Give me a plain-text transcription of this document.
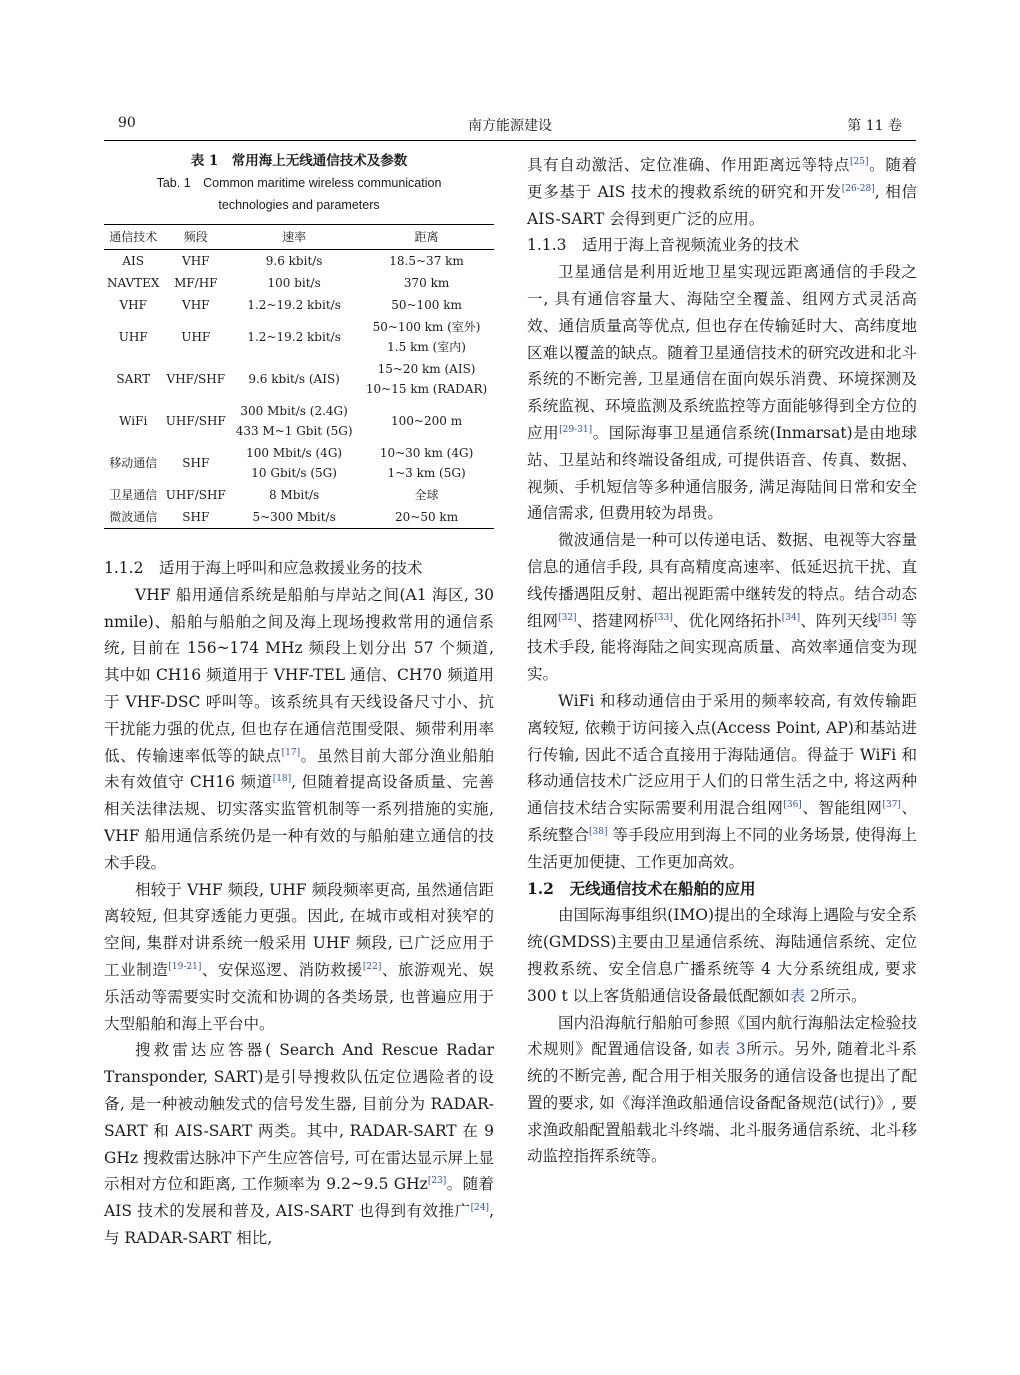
90	南方能源建设	第 11 卷
表 1　常用海上无线通信技术及参数
Tab. 1　Common maritime wireless communication
technologies and parameters
通信技术	频段	速率	距离
AIS	VHF	9.6 kbit/s	18.5~37 km
NAVTEX	MF/HF	100 bit/s	370 km
VHF	VHF	1.2~19.2 kbit/s	50~100 km
UHF	UHF	1.2~19.2 kbit/s	50~100 km (室外)
1.5 km (室内)
SART	VHF/SHF	9.6 kbit/s (AIS)	15~20 km (AIS)
10~15 km (RADAR)
WiFi	UHF/SHF	300 Mbit/s (2.4G)
433 M~1 Gbit (5G)	100~200 m
移动通信	SHF	100 Mbit/s (4G)
10 Gbit/s (5G)	10~30 km (4G)
1~3 km (5G)
卫星通信	UHF/SHF	8 Mbit/s	全球
微波通信	SHF	5~300 Mbit/s	20~50 km

1.1.2　适用于海上呼叫和应急救援业务的技术

VHF 船用通信系统是船舶与岸站之间(A1 海区, 30 nmile)、船舶与船舶之间及海上现场搜救常用的通信系统, 目前在 156~174 MHz 频段上划分出 57 个频道, 其中如 CH16 频道用于 VHF-TEL 通信、CH70 频道用于 VHF-DSC 呼叫等。该系统具有天线设备尺寸小、抗干扰能力强的优点, 但也存在通信范围受限、频带利用率低、传输速率低等的缺点[17]。虽然目前大部分渔业船舶未有效值守 CH16 频道[18], 但随着提高设备质量、完善相关法律法规、切实落实监管机制等一系列措施的实施, VHF 船用通信系统仍是一种有效的与船舶建立通信的技术手段。

相较于 VHF 频段, UHF 频段频率更高, 虽然通信距离较短, 但其穿透能力更强。因此, 在城市或相对狭窄的空间, 集群对讲系统一般采用 UHF 频段, 已广泛应用于工业制造[19-21]、安保巡逻、消防救援[22]、旅游观光、娱乐活动等需要实时交流和协调的各类场景, 也普遍应用于大型船舶和海上平台中。

搜救雷达应答器( Search And Rescue Radar Transponder, SART)是引导搜救队伍定位遇险者的设备, 是一种被动触发式的信号发生器, 目前分为 RADAR-SART 和 AIS-SART 两类。其中, RADAR-SART 在 9 GHz 搜救雷达脉冲下产生应答信号, 可在雷达显示屏上显示相对方位和距离, 工作频率为 9.2~9.5 GHz[23]。随着 AIS 技术的发展和普及, AIS-SART 也得到有效推广[24], 与 RADAR-SART 相比,

具有自动激活、定位准确、作用距离远等特点[25]。随着更多基于 AIS 技术的搜救系统的研究和开发[26-28], 相信 AIS-SART 会得到更广泛的应用。

1.1.3　适用于海上音视频流业务的技术

卫星通信是利用近地卫星实现远距离通信的手段之一, 具有通信容量大、海陆空全覆盖、组网方式灵活高效、通信质量高等优点, 但也存在传输延时大、高纬度地区难以覆盖的缺点。随着卫星通信技术的研究改进和北斗系统的不断完善, 卫星通信在面向娱乐消费、环境探测及系统监视、环境监测及系统监控等方面能够得到全方位的应用[29-31]。国际海事卫星通信系统(Inmarsat)是由地球站、卫星站和终端设备组成, 可提供语音、传真、数据、视频、手机短信等多种通信服务, 满足海陆间日常和安全通信需求, 但费用较为昂贵。

微波通信是一种可以传递电话、数据、电视等大容量信息的通信手段, 具有高精度高速率、低延迟抗干扰、直线传播遇阻反射、超出视距需中继转发的特点。结合动态组网[32]、搭建网桥[33]、优化网络拓扑[34]、阵列天线[35] 等技术手段, 能将海陆之间实现高质量、高效率通信变为现实。

WiFi 和移动通信由于采用的频率较高, 有效传输距离较短, 依赖于访问接入点(Access Point, AP)和基站进行传输, 因此不适合直接用于海陆通信。得益于 WiFi 和移动通信技术广泛应用于人们的日常生活之中, 将这两种通信技术结合实际需要利用混合组网[36]、智能组网[37]、系统整合[38] 等手段应用到海上不同的业务场景, 使得海上生活更加便捷、工作更加高效。

1.2　无线通信技术在船舶的应用

由国际海事组织(IMO)提出的全球海上遇险与安全系统(GMDSS)主要由卫星通信系统、海陆通信系统、定位搜救系统、安全信息广播系统等 4 大分系统组成, 要求 300 t 以上客货船通信设备最低配额如表 2所示。

国内沿海航行船舶可参照《国内航行海船法定检验技术规则》配置通信设备, 如表 3所示。另外, 随着北斗系统的不断完善, 配合用于相关服务的通信设备也提出了配置的要求, 如《海洋渔政船通信设备配备规范(试行)》, 要求渔政船配置船载北斗终端、北斗服务通信系统、北斗移动监控指挥系统等。
